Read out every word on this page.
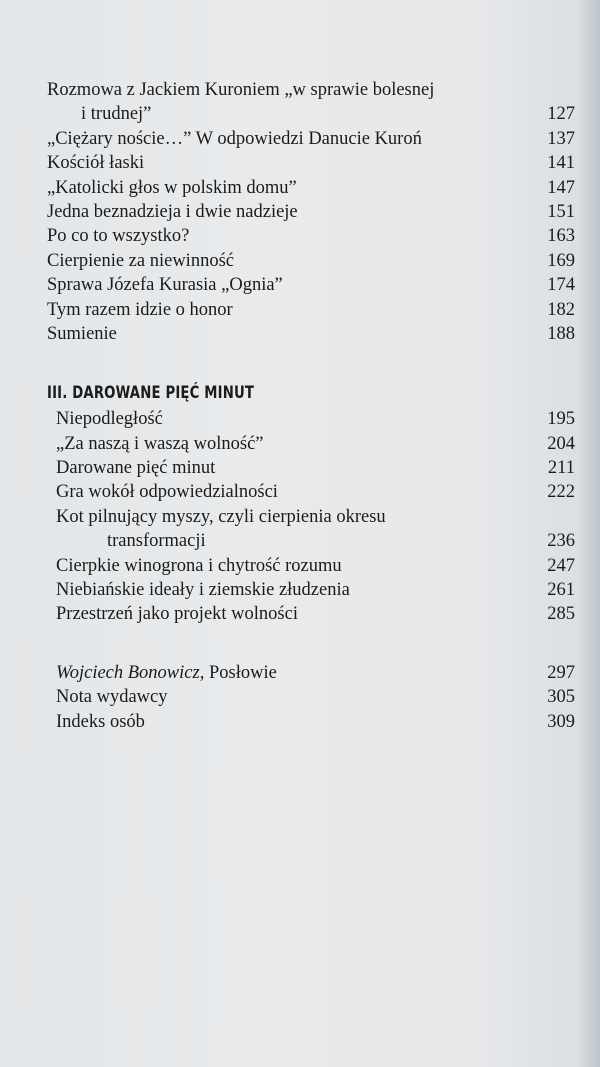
Rozmowa z Jackiem Kuroniem „w sprawie bolesnej
i trudnej”	127
„Ciężary noście…” W odpowiedzi Danucie Kuroń	137
Kościół łaski	141
„Katolicki głos w polskim domu”	147
Jedna beznadzieja i dwie nadzieje	151
Po co to wszystko?	163
Cierpienie za niewinność	169
Sprawa Józefa Kurasia „Ognia”	174
Tym razem idzie o honor	182
Sumienie	188
III. DAROWANE PIĘĆ MINUT
Niepodległość	195
„Za naszą i waszą wolność”	204
Darowane pięć minut	211
Gra wokół odpowiedzialności	222
Kot pilnujący myszy, czyli cierpienia okresu
transformacji	236
Cierpkie winogrona i chytrość rozumu	247
Niebiańskie ideały i ziemskie złudzenia	261
Przestrzeń jako projekt wolności	285
Wojciech Bonowicz, Posłowie	297
Nota wydawcy	305
Indeks osób	309
